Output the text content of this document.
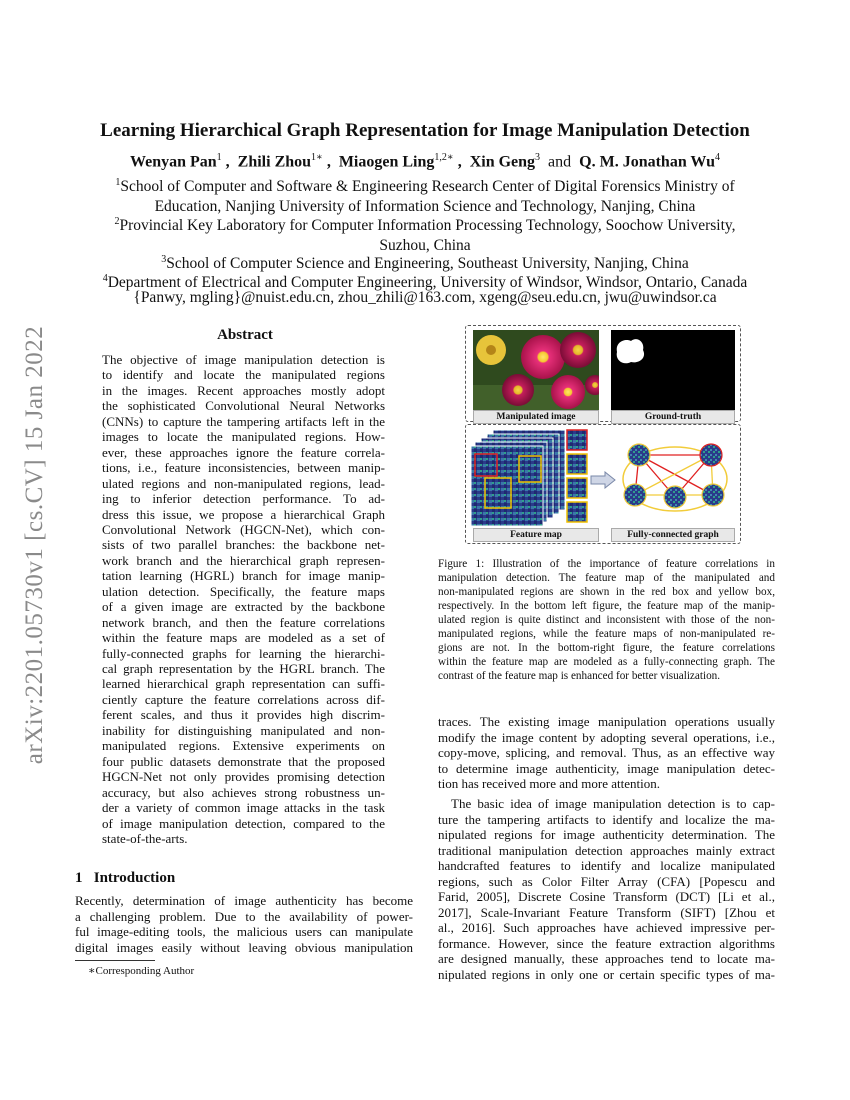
arXiv:2201.05730v1 [cs.CV] 15 Jan 2022
Learning Hierarchical Graph Representation for Image Manipulation Detection
Wenyan Pan$^1$ ,  Zhili Zhou$^{1∗}$ ,  Miaogen Ling$^{1,2∗}$ ,  Xin Geng$^3$ and Q. M. Jonathan Wu$^4$
$^1$School of Computer and Software & Engineering Research Center of Digital Forensics Ministry of
Education, Nanjing University of Information Science and Technology, Nanjing, China
$^2$Provincial Key Laboratory for Computer Information Processing Technology, Soochow University,
Suzhou, China
$^3$School of Computer Science and Engineering, Southeast University, Nanjing, China
$^4$Department of Electrical and Computer Engineering, University of Windsor, Windsor, Ontario, Canada
{Panwy, mgling}@nuist.edu.cn, zhou_zhili@163.com, xgeng@seu.edu.cn, jwu@uwindsor.ca
Abstract
The objective of image manipulation detection is
to identify and locate the manipulated regions
in the images. Recent approaches mostly adopt
the sophisticated Convolutional Neural Networks
(CNNs) to capture the tampering artifacts left in the
images to locate the manipulated regions. How-
ever, these approaches ignore the feature correla-
tions, i.e., feature inconsistencies, between manip-
ulated regions and non-manipulated regions, lead-
ing to inferior detection performance. To ad-
dress this issue, we propose a hierarchical Graph
Convolutional Network (HGCN-Net), which con-
sists of two parallel branches: the backbone net-
work branch and the hierarchical graph represen-
tation learning (HGRL) branch for image manip-
ulation detection. Specifically, the feature maps
of a given image are extracted by the backbone
network branch, and then the feature correlations
within the feature maps are modeled as a set of
fully-connected graphs for learning the hierarchi-
cal graph representation by the HGRL branch. The
learned hierarchical graph representation can suffi-
ciently capture the feature correlations across dif-
ferent scales, and thus it provides high discrim-
inability for distinguishing manipulated and non-
manipulated regions. Extensive experiments on
four public datasets demonstrate that the proposed
HGCN-Net not only provides promising detection
accuracy, but also achieves strong robustness un-
der a variety of common image attacks in the task
of image manipulation detection, compared to the
state-of-the-arts.
1 Introduction
Recently, determination of image authenticity has become
a challenging problem. Due to the availability of power-
ful image-editing tools, the malicious users can manipulate
digital images easily without leaving obvious manipulation
∗Corresponding Author
Manipulated image	Ground-truth
Feature map	Fully-connected graph
Figure 1: Illustration of the importance of feature correlations in
manipulation detection. The feature map of the manipulated and
non-manipulated regions are shown in the red box and yellow box,
respectively. In the bottom left figure, the feature map of the manip-
ulated region is quite distinct and inconsistent with those of the non-
manipulated regions, while the feature maps of non-manipulated re-
gions are not. In the bottom-right figure, the feature correlations
within the feature map are modeled as a fully-connecting graph. The
contrast of the feature map is enhanced for better visualization.
traces. The existing image manipulation operations usually
modify the image content by adopting several operations, i.e.,
copy-move, splicing, and removal. Thus, as an effective way
to determine image authenticity, image manipulation detec-
tion has received more and more attention.
The basic idea of image manipulation detection is to cap-
ture the tampering artifacts to identify and localize the ma-
nipulated regions for image authenticity determination. The
traditional manipulation detection approaches mainly extract
handcrafted features to identify and localize manipulated
regions, such as Color Filter Array (CFA) [Popescu and
Farid, 2005], Discrete Cosine Transform (DCT) [Li et al.,
2017], Scale-Invariant Feature Transform (SIFT) [Zhou et
al., 2016]. Such approaches have achieved impressive per-
formance. However, since the feature extraction algorithms
are designed manually, these approaches tend to locate ma-
nipulated regions in only one or certain specific types of ma-
